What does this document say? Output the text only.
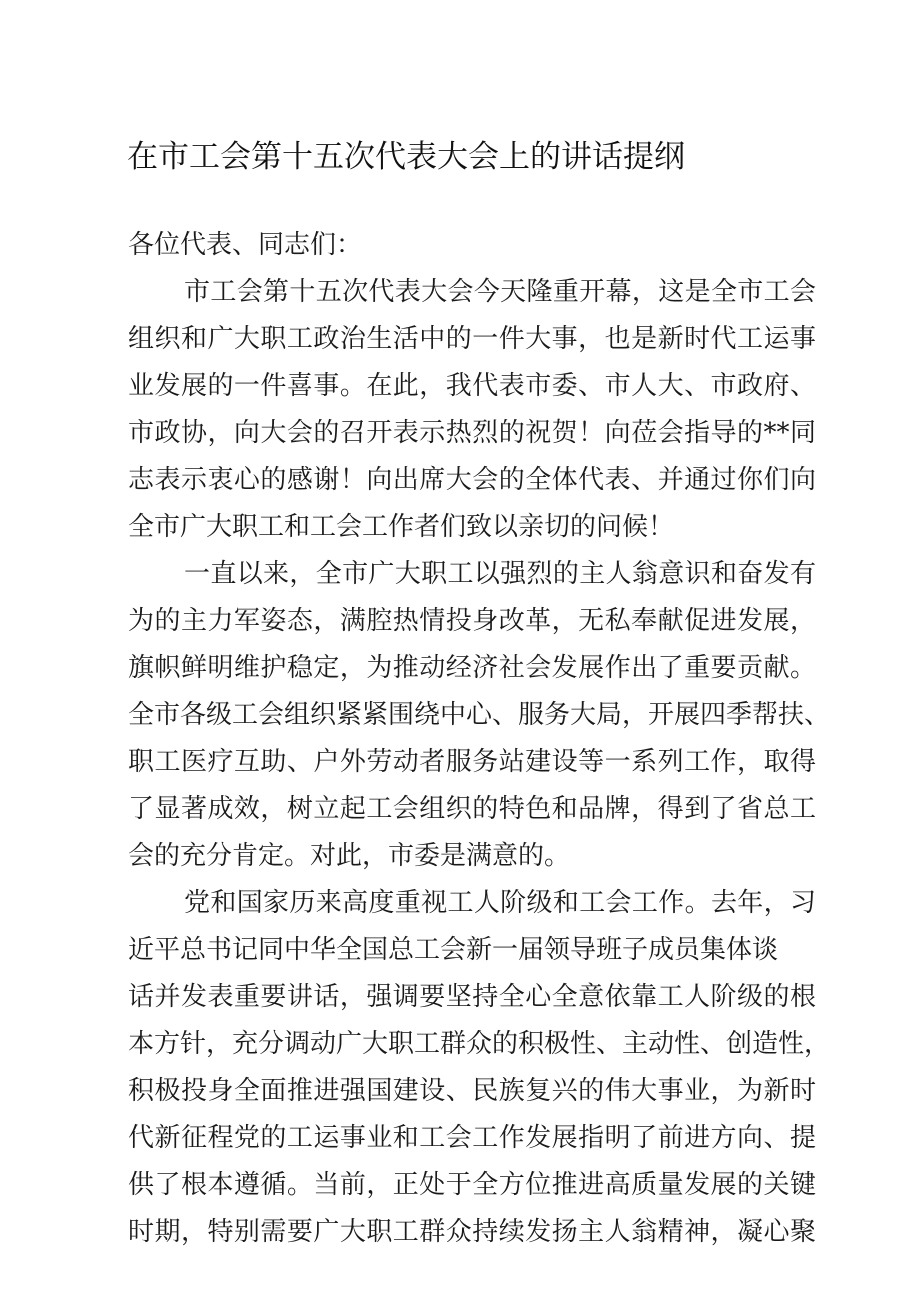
在市工会第十五次代表大会上的讲话提纲
各位代表、同志们：
市工会第十五次代表大会今天隆重开幕，这是全市工会
组织和广大职工政治生活中的一件大事，也是新时代工运事
业发展的一件喜事。在此，我代表市委、市人大、市政府、
市政协，向大会的召开表示热烈的祝贺！向莅会指导的**同
志表示衷心的感谢！向出席大会的全体代表、并通过你们向
全市广大职工和工会工作者们致以亲切的问候！
一直以来，全市广大职工以强烈的主人翁意识和奋发有
为的主力军姿态，满腔热情投身改革，无私奉献促进发展，
旗帜鲜明维护稳定，为推动经济社会发展作出了重要贡献。
全市各级工会组织紧紧围绕中心、服务大局，开展四季帮扶、
职工医疗互助、户外劳动者服务站建设等一系列工作，取得
了显著成效，树立起工会组织的特色和品牌，得到了省总工
会的充分肯定。对此，市委是满意的。
党和国家历来高度重视工人阶级和工会工作。去年，习
近平总书记同中华全国总工会新一届领导班子成员集体谈
话并发表重要讲话，强调要坚持全心全意依靠工人阶级的根
本方针，充分调动广大职工群众的积极性、主动性、创造性，
积极投身全面推进强国建设、民族复兴的伟大事业，为新时
代新征程党的工运事业和工会工作发展指明了前进方向、提
供了根本遵循。当前，正处于全方位推进高质量发展的关键
时期，特别需要广大职工群众持续发扬主人翁精神，凝心聚
